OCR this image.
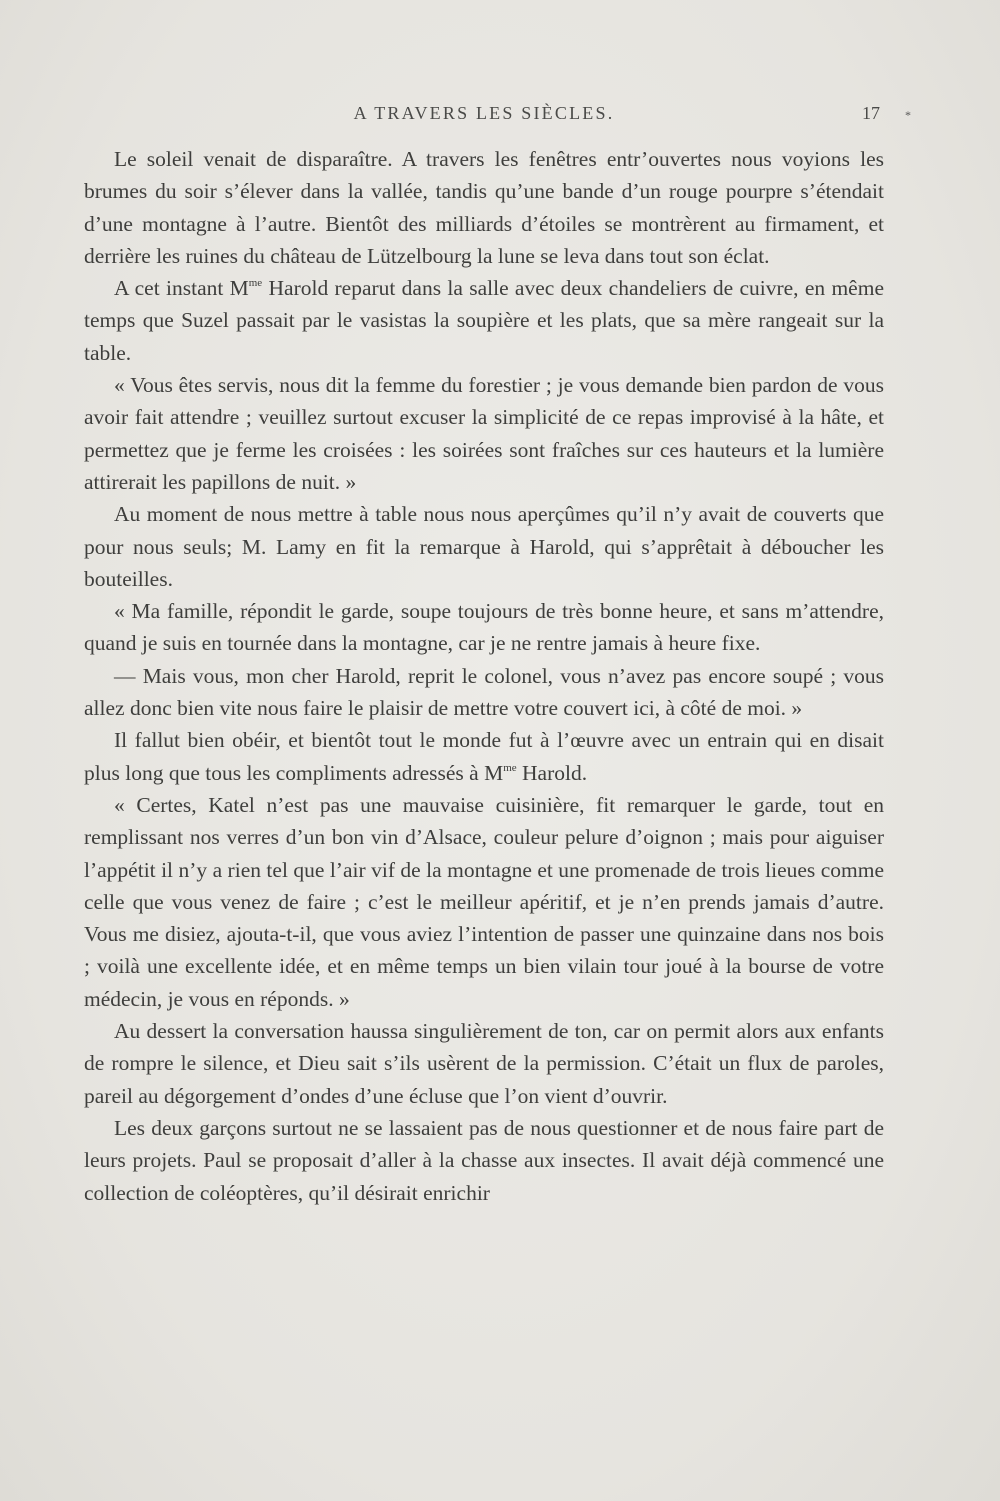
A TRAVERS LES SIÈCLES.	17 *

Le soleil venait de disparaître. A travers les fenêtres entr’ouvertes nous voyions les brumes du soir s’élever dans la vallée, tandis qu’une bande d’un rouge pourpre s’étendait d’une montagne à l’autre. Bientôt des milliards d’étoiles se montrèrent au firmament, et derrière les ruines du château de Lützelbourg la lune se leva dans tout son éclat.

A cet instant $M^{me}$ Harold reparut dans la salle avec deux chandeliers de cuivre, en même temps que Suzel passait par le vasistas la soupière et les plats, que sa mère rangeait sur la table.

« Vous êtes servis, nous dit la femme du forestier ; je vous demande bien pardon de vous avoir fait attendre ; veuillez surtout excuser la simplicité de ce repas improvisé à la hâte, et permettez que je ferme les croisées : les soirées sont fraîches sur ces hauteurs et la lumière attirerait les papillons de nuit. »

Au moment de nous mettre à table nous nous aperçûmes qu’il n’y avait de couverts que pour nous seuls; M. Lamy en fit la remarque à Harold, qui s’apprêtait à déboucher les bouteilles.

« Ma famille, répondit le garde, soupe toujours de très bonne heure, et sans m’attendre, quand je suis en tournée dans la montagne, car je ne rentre jamais à heure fixe.

— Mais vous, mon cher Harold, reprit le colonel, vous n’avez pas encore soupé ; vous allez donc bien vite nous faire le plaisir de mettre votre couvert ici, à côté de moi. »

Il fallut bien obéir, et bientôt tout le monde fut à l’œuvre avec un entrain qui en disait plus long que tous les compliments adressés à $M^{me}$ Harold.

« Certes, Katel n’est pas une mauvaise cuisinière, fit remarquer le garde, tout en remplissant nos verres d’un bon vin d’Alsace, couleur pelure d’oignon ; mais pour aiguiser l’appétit il n’y a rien tel que l’air vif de la montagne et une promenade de trois lieues comme celle que vous venez de faire ; c’est le meilleur apéritif, et je n’en prends jamais d’autre. Vous me disiez, ajouta-t-il, que vous aviez l’intention de passer une quinzaine dans nos bois ; voilà une excellente idée, et en même temps un bien vilain tour joué à la bourse de votre médecin, je vous en réponds. »

Au dessert la conversation haussa singulièrement de ton, car on permit alors aux enfants de rompre le silence, et Dieu sait s’ils usèrent de la permission. C’était un flux de paroles, pareil au dégorgement d’ondes d’une écluse que l’on vient d’ouvrir.

Les deux garçons surtout ne se lassaient pas de nous questionner et de nous faire part de leurs projets. Paul se proposait d’aller à la chasse aux insectes. Il avait déjà commencé une collection de coléoptères, qu’il désirait enrichir
